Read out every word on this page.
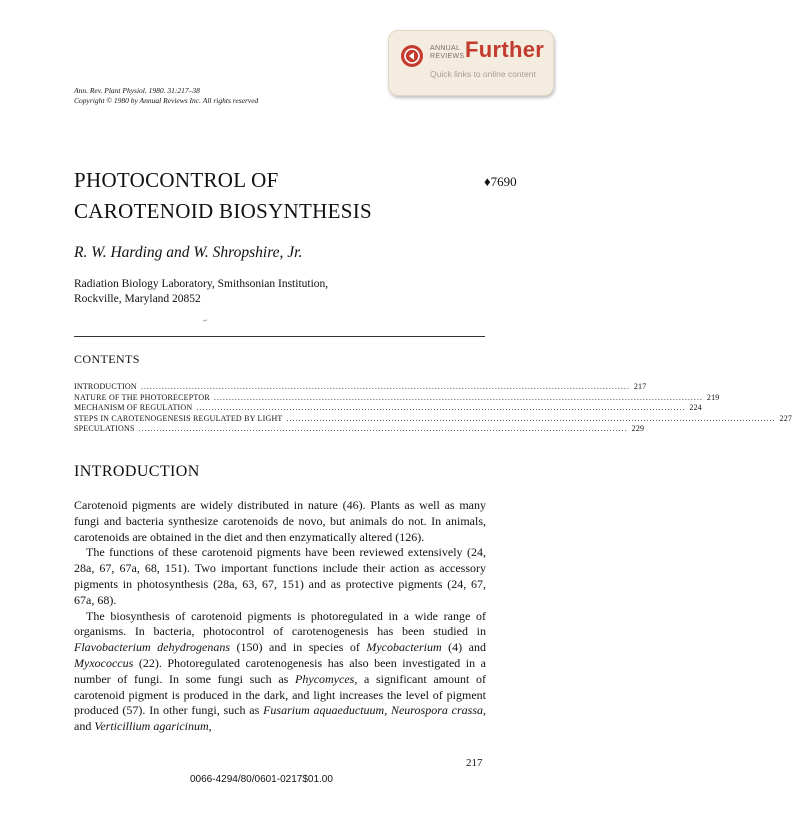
ANNUAL
REVIEWS Further
Quick links to online content
Ann. Rev. Plant Physiol. 1980. 31:217–38
Copyright © 1980 by Annual Reviews Inc. All rights reserved
PHOTOCONTROL OF
CAROTENOID BIOSYNTHESIS
♦7690
R. W. Harding and W. Shropshire, Jr.
Radiation Biology Laboratory, Smithsonian Institution,
Rockville, Maryland 20852
CONTENTS
INTRODUCTION ................................................................................................................................................................... 217
NATURE OF THE PHOTORECEPTOR ................................................................................................................................................................... 219
MECHANISM OF REGULATION ................................................................................................................................................................... 224
STEPS IN CAROTENOGENESIS REGULATED BY LIGHT ................................................................................................................................................................... 227
SPECULATIONS ................................................................................................................................................................... 229
INTRODUCTION

Carotenoid pigments are widely distributed in nature (46). Plants as well as many fungi and bacteria synthesize carotenoids de novo, but animals do not. In animals, carotenoids are obtained in the diet and then enzymatically altered (126).

The functions of these carotenoid pigments have been reviewed extensively (24, 28a, 67, 67a, 68, 151). Two important functions include their action as accessory pigments in photosynthesis (28a, 63, 67, 151) and as protective pigments (24, 67, 67a, 68).

The biosynthesis of carotenoid pigments is photoregulated in a wide range of organisms. In bacteria, photocontrol of carotenogenesis has been studied in Flavobacterium dehydrogenans (150) and in species of Mycobacterium (4) and Myxococcus (22). Photoregulated carotenogenesis has also been investigated in a number of fungi. In some fungi such as Phycomyces, a significant amount of carotenoid pigment is produced in the dark, and light increases the level of pigment produced (57). In other fungi, such as Fusarium aquaeductuum, Neurospora crassa, and Verticillium agaricinum,

217
0066-4294/80/0601-0217$01.00
